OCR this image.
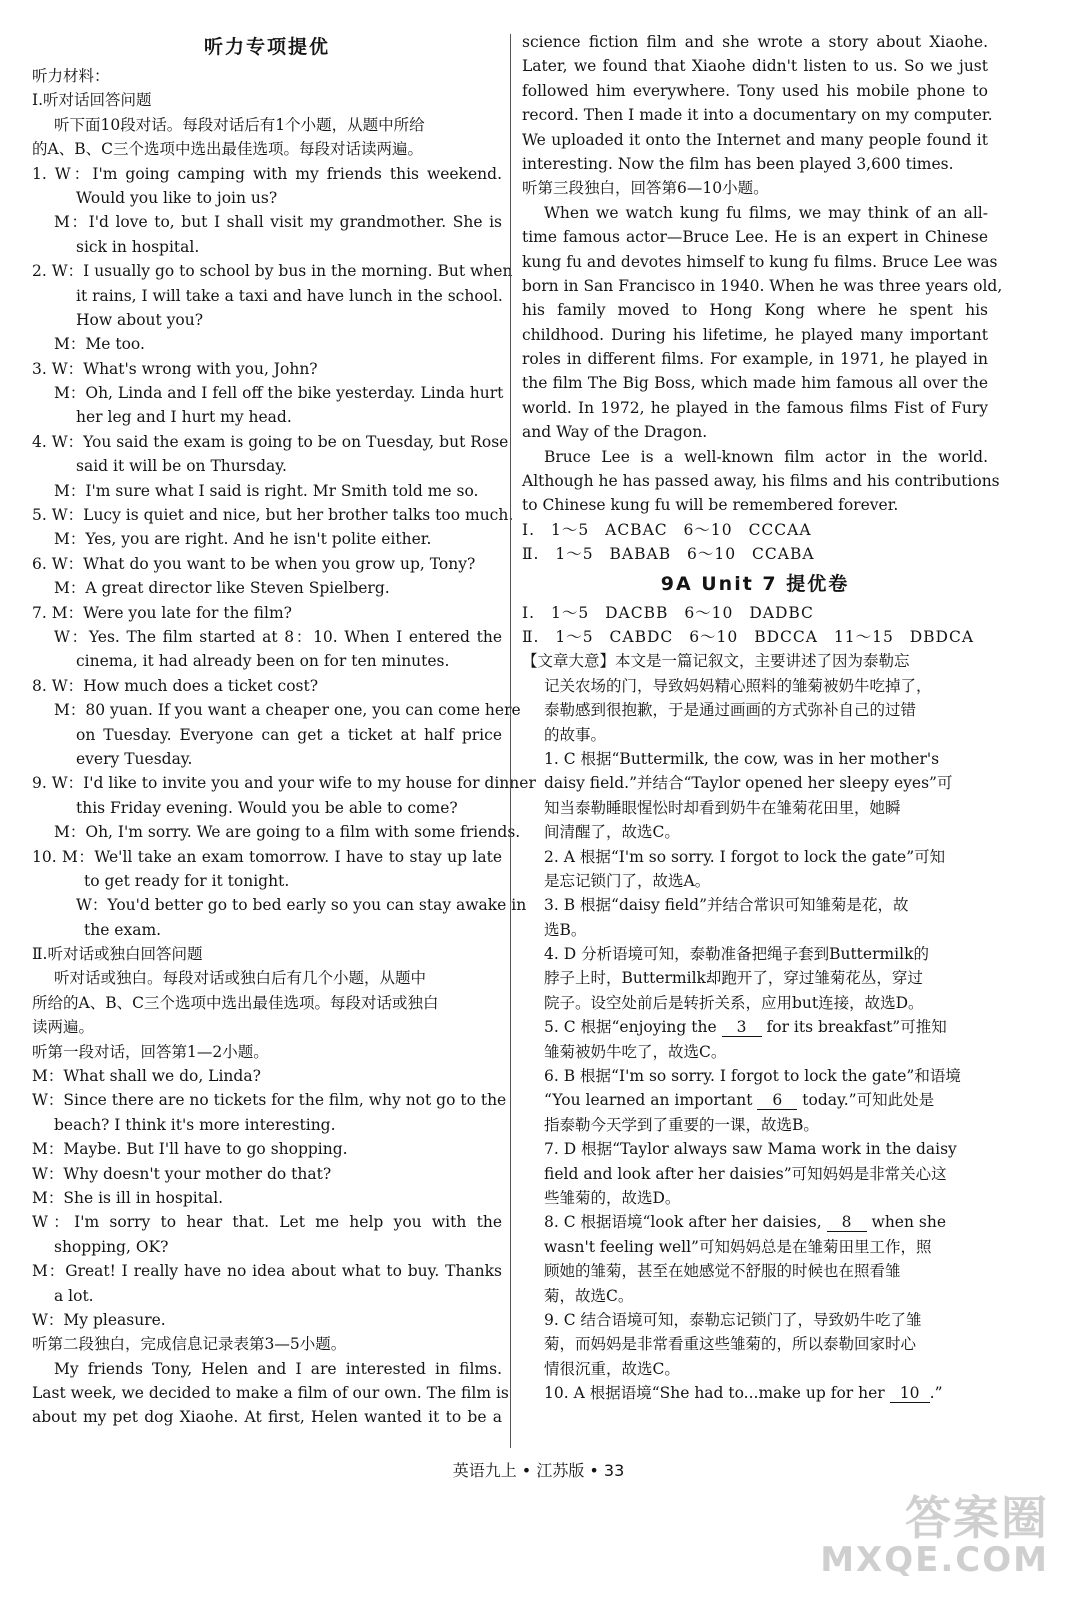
听力专项提优
听力材料：
Ⅰ.听对话回答问题
听下面10段对话。每段对话后有1个小题，从题中所给
的A、B、C三个选项中选出最佳选项。每段对话读两遍。
1. W：I'm going camping with my friends this weekend.
Would you like to join us?
M：I'd love to, but I shall visit my grandmother. She is
sick in hospital.
2. W：I usually go to school by bus in the morning. But when
it rains, I will take a taxi and have lunch in the school.
How about you?
M：Me too.
3. W：What's wrong with you, John?
M：Oh, Linda and I fell off the bike yesterday. Linda hurt
her leg and I hurt my head.
4. W：You said the exam is going to be on Tuesday, but Rose
said it will be on Thursday.
M：I'm sure what I said is right. Mr Smith told me so.
5. W：Lucy is quiet and nice, but her brother talks too much.
M：Yes, you are right. And he isn't polite either.
6. W：What do you want to be when you grow up, Tony?
M：A great director like Steven Spielberg.
7. M：Were you late for the film?
W：Yes. The film started at 8：10. When I entered the
cinema, it had already been on for ten minutes.
8. W：How much does a ticket cost?
M：80 yuan. If you want a cheaper one, you can come here
on Tuesday. Everyone can get a ticket at half price
every Tuesday.
9. W：I'd like to invite you and your wife to my house for dinner
this Friday evening. Would you be able to come?
M：Oh, I'm sorry. We are going to a film with some friends.
10. M：We'll take an exam tomorrow. I have to stay up late
to get ready for it tonight.
W：You'd better go to bed early so you can stay awake in
the exam.
Ⅱ.听对话或独白回答问题
听对话或独白。每段对话或独白后有几个小题，从题中
所给的A、B、C三个选项中选出最佳选项。每段对话或独白
读两遍。
听第一段对话，回答第1—2小题。
M：What shall we do, Linda?
W：Since there are no tickets for the film, why not go to the
beach? I think it's more interesting.
M：Maybe. But I'll have to go shopping.
W：Why doesn't your mother do that?
M：She is ill in hospital.
W：I'm sorry to hear that. Let me help you with the
shopping, OK?
M：Great! I really have no idea about what to buy. Thanks
a lot.
W：My pleasure.
听第二段独白，完成信息记录表第3—5小题。
My friends Tony, Helen and I are interested in films.
Last week, we decided to make a film of our own. The film is
about my pet dog Xiaohe. At first, Helen wanted it to be a
science fiction film and she wrote a story about Xiaohe.
Later, we found that Xiaohe didn't listen to us. So we just
followed him everywhere. Tony used his mobile phone to
record. Then I made it into a documentary on my computer.
We uploaded it onto the Internet and many people found it
interesting. Now the film has been played 3,600 times.
听第三段独白，回答第6—10小题。
When we watch kung fu films, we may think of an all-
time famous actor—Bruce Lee. He is an expert in Chinese
kung fu and devotes himself to kung fu films. Bruce Lee was
born in San Francisco in 1940. When he was three years old,
his family moved to Hong Kong where he spent his
childhood. During his lifetime, he played many important
roles in different films. For example, in 1971, he played in
the film The Big Boss, which made him famous all over the
world. In 1972, he played in the famous films Fist of Fury
and Way of the Dragon.
Bruce Lee is a well-known film actor in the world.
Although he has passed away, his films and his contributions
to Chinese kung fu will be remembered forever.
Ⅰ. 1～5 ACBAC 6～10 CCCAA
Ⅱ. 1～5 BABAB 6～10 CCABA
9A Unit 7 提优卷
Ⅰ. 1～5 DACBB 6～10 DADBC
Ⅱ. 1～5 CABDC 6～10 BDCCA 11～15 DBDCA
【文章大意】本文是一篇记叙文，主要讲述了因为泰勒忘
记关农场的门，导致妈妈精心照料的雏菊被奶牛吃掉了，
泰勒感到很抱歉，于是通过画画的方式弥补自己的过错
的故事。
1. C 根据“Buttermilk, the cow, was in her mother's
daisy field.”并结合“Taylor opened her sleepy eyes”可
知当泰勒睡眼惺忪时却看到奶牛在雏菊花田里，她瞬
间清醒了，故选C。
2. A 根据“I'm so sorry. I forgot to lock the gate”可知
是忘记锁门了，故选A。
3. B 根据“daisy field”并结合常识可知雏菊是花，故
选B。
4. D 分析语境可知，泰勒准备把绳子套到Buttermilk的
脖子上时，Buttermilk却跑开了，穿过雏菊花丛，穿过
院子。设空处前后是转折关系，应用but连接，故选D。
5. C 根据“enjoying the 3 for its breakfast”可推知
雏菊被奶牛吃了，故选C。
6. B 根据“I'm so sorry. I forgot to lock the gate”和语境
“You learned an important 6 today.”可知此处是
指泰勒今天学到了重要的一课，故选B。
7. D 根据“Taylor always saw Mama work in the daisy
field and look after her daisies”可知妈妈是非常关心这
些雏菊的，故选D。
8. C 根据语境“look after her daisies, 8 when she
wasn't feeling well”可知妈妈总是在雏菊田里工作，照
顾她的雏菊，甚至在她感觉不舒服的时候也在照看雏
菊，故选C。
9. C 结合语境可知，泰勒忘记锁门了，导致奶牛吃了雏
菊，而妈妈是非常看重这些雏菊的，所以泰勒回家时心
情很沉重，故选C。
10. A 根据语境“She had to...make up for her 10 .”
英语九上 • 江苏版 • 33
答案圈
MXQE.COM
